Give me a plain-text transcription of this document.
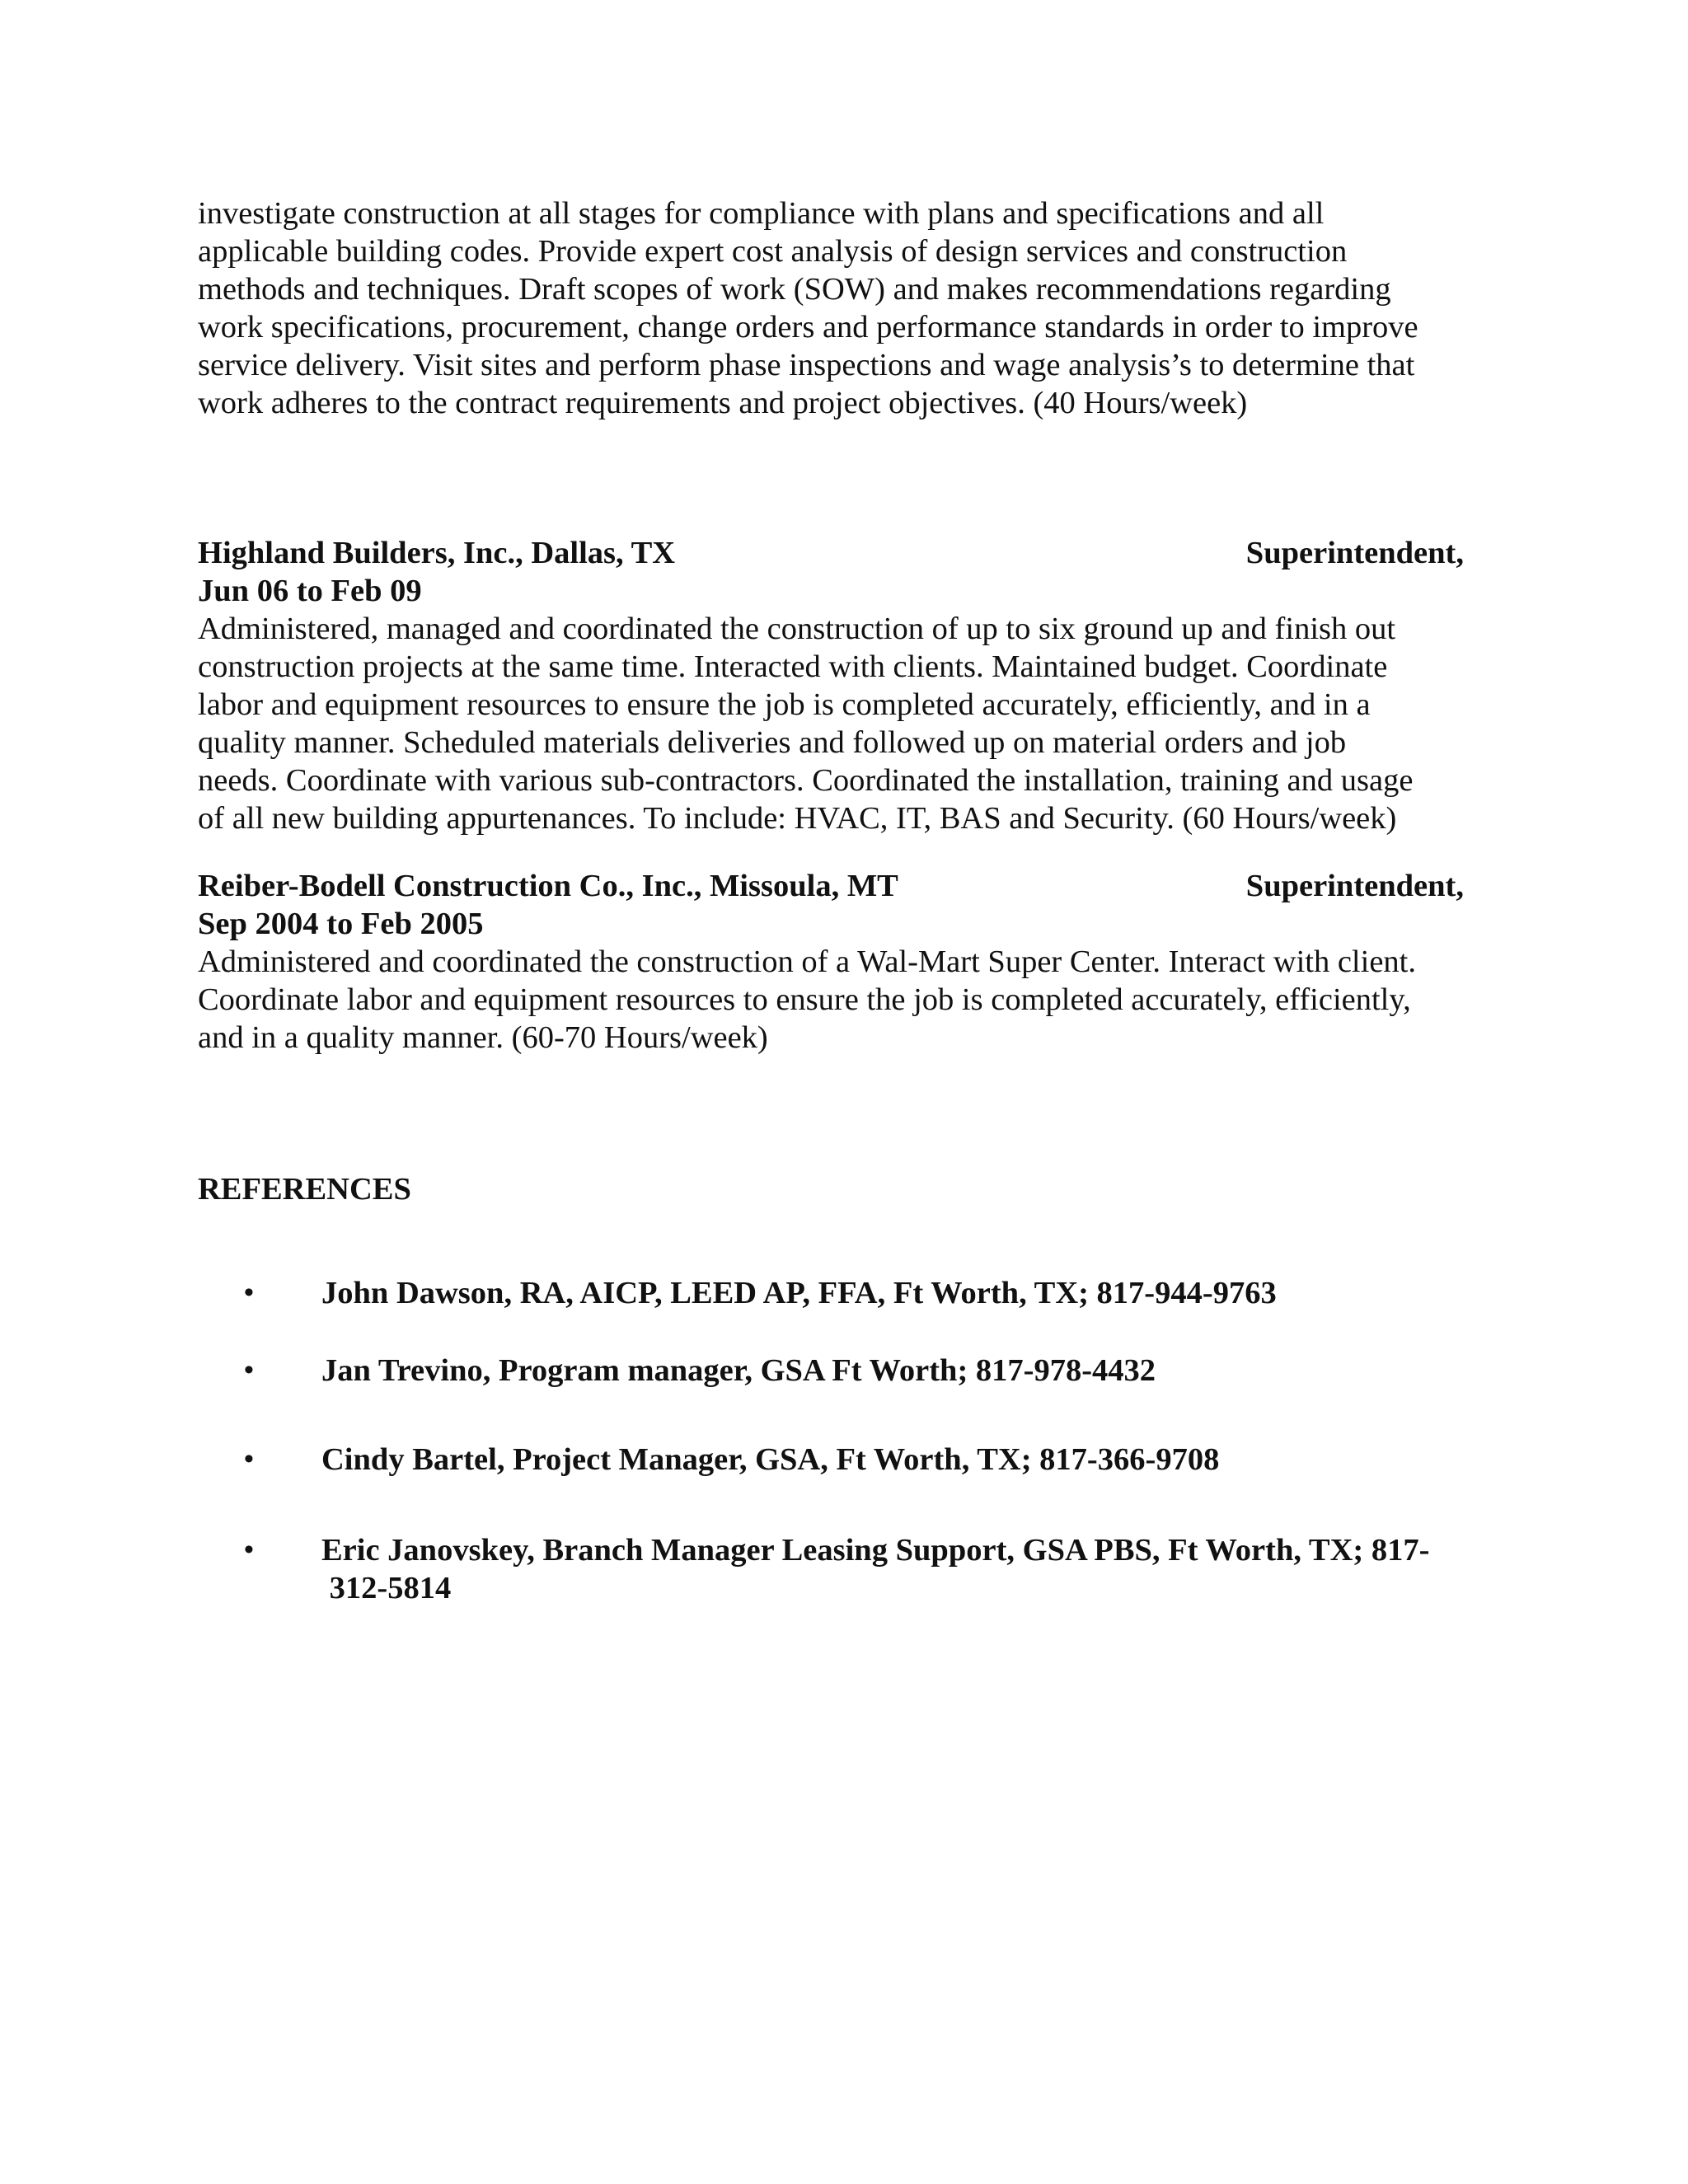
investigate construction at all stages for compliance with plans and specifications and all
applicable building codes. Provide expert cost analysis of design services and construction
methods and techniques. Draft scopes of work (SOW) and makes recommendations regarding
work specifications, procurement, change orders and performance standards in order to improve
service delivery. Visit sites and perform phase inspections and wage analysis’s to determine that
work adheres to the contract requirements and project objectives. (40 Hours/week)

Highland Builders, Inc., Dallas, TX	Superintendent,
Jun 06 to Feb 09

Administered, managed and coordinated the construction of up to six ground up and finish out
construction projects at the same time. Interacted with clients. Maintained budget. Coordinate
labor and equipment resources to ensure the job is completed accurately, efficiently, and in a
quality manner. Scheduled materials deliveries and followed up on material orders and job
needs. Coordinate with various sub-contractors. Coordinated the installation, training and usage
of all new building appurtenances. To include: HVAC, IT, BAS and Security. (60 Hours/week)

Reiber-Bodell Construction Co., Inc., Missoula, MT	Superintendent,
Sep 2004 to Feb 2005

Administered and coordinated the construction of a Wal-Mart Super Center. Interact with client.
Coordinate labor and equipment resources to ensure the job is completed accurately, efficiently,
and in a quality manner. (60-70 Hours/week)

REFERENCES
• John Dawson, RA, AICP, LEED AP, FFA, Ft Worth, TX; 817-944-9763
• Jan Trevino, Program manager, GSA Ft Worth; 817-978-4432
• Cindy Bartel, Project Manager, GSA, Ft Worth, TX; 817-366-9708
• Eric Janovskey, Branch Manager Leasing Support, GSA PBS, Ft Worth, TX; 817- 312-5814
